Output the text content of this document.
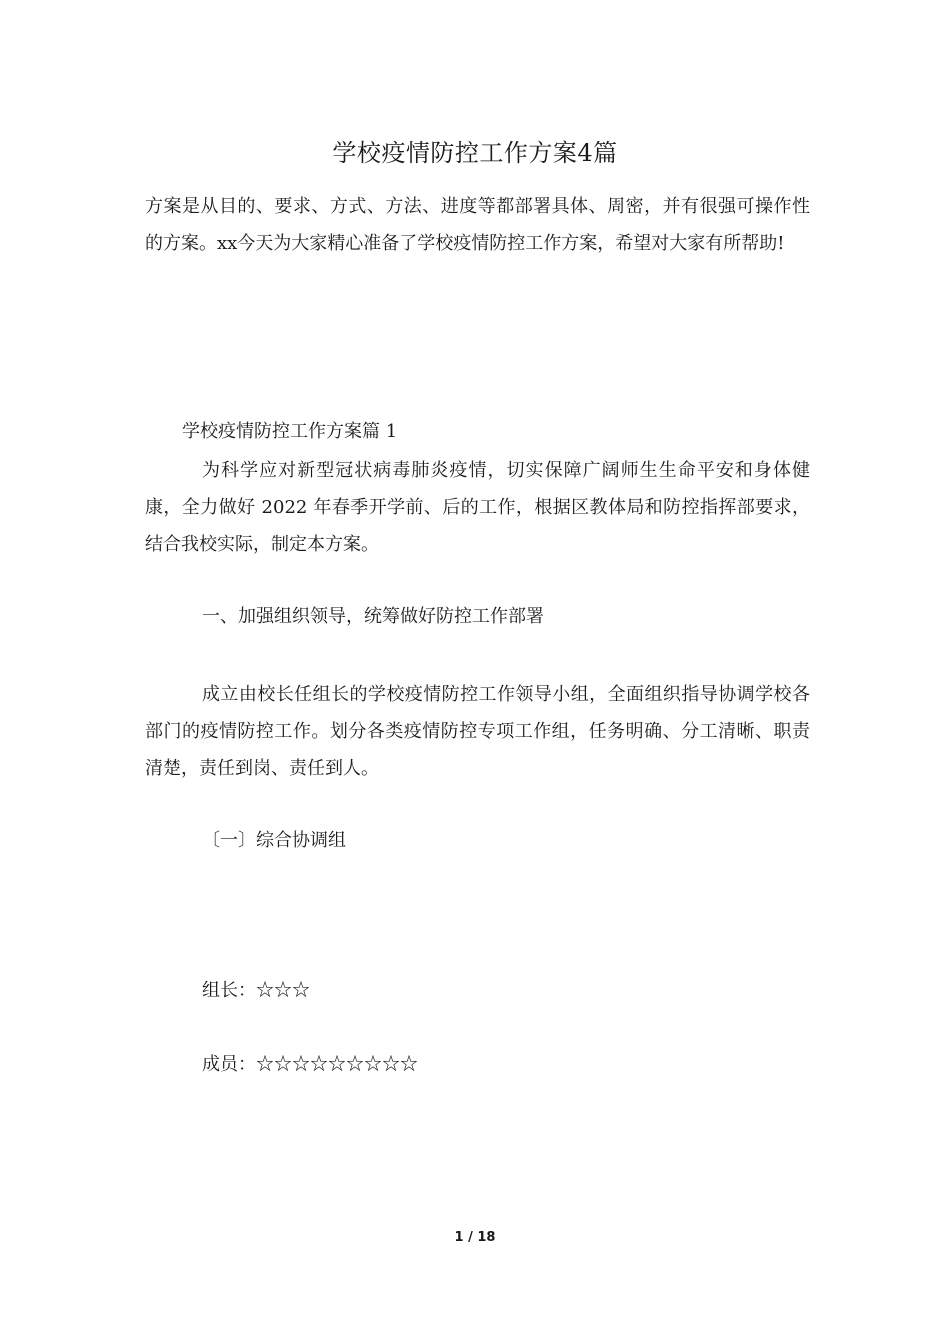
学校疫情防控工作方案4篇

方案是从目的、要求、方式、方法、进度等都部署具体、周密，并有很强可操作性的方案。xx今天为大家精心准备了学校疫情防控工作方案，希望对大家有所帮助!

学校疫情防控工作方案篇 1

为科学应对新型冠状病毒肺炎疫情，切实保障广阔师生生命平安和身体健康，全力做好 2022 年春季开学前、后的工作，根据区教体局和防控指挥部要求，结合我校实际，制定本方案。

一、加强组织领导，统筹做好防控工作部署

成立由校长任组长的学校疫情防控工作领导小组，全面组织指导协调学校各部门的疫情防控工作。划分各类疫情防控专项工作组，任务明确、分工清晰、职责清楚，责任到岗、责任到人。

〔一〕综合协调组
组长：☆☆☆
成员：☆☆☆☆☆☆☆☆☆
1 / 18
